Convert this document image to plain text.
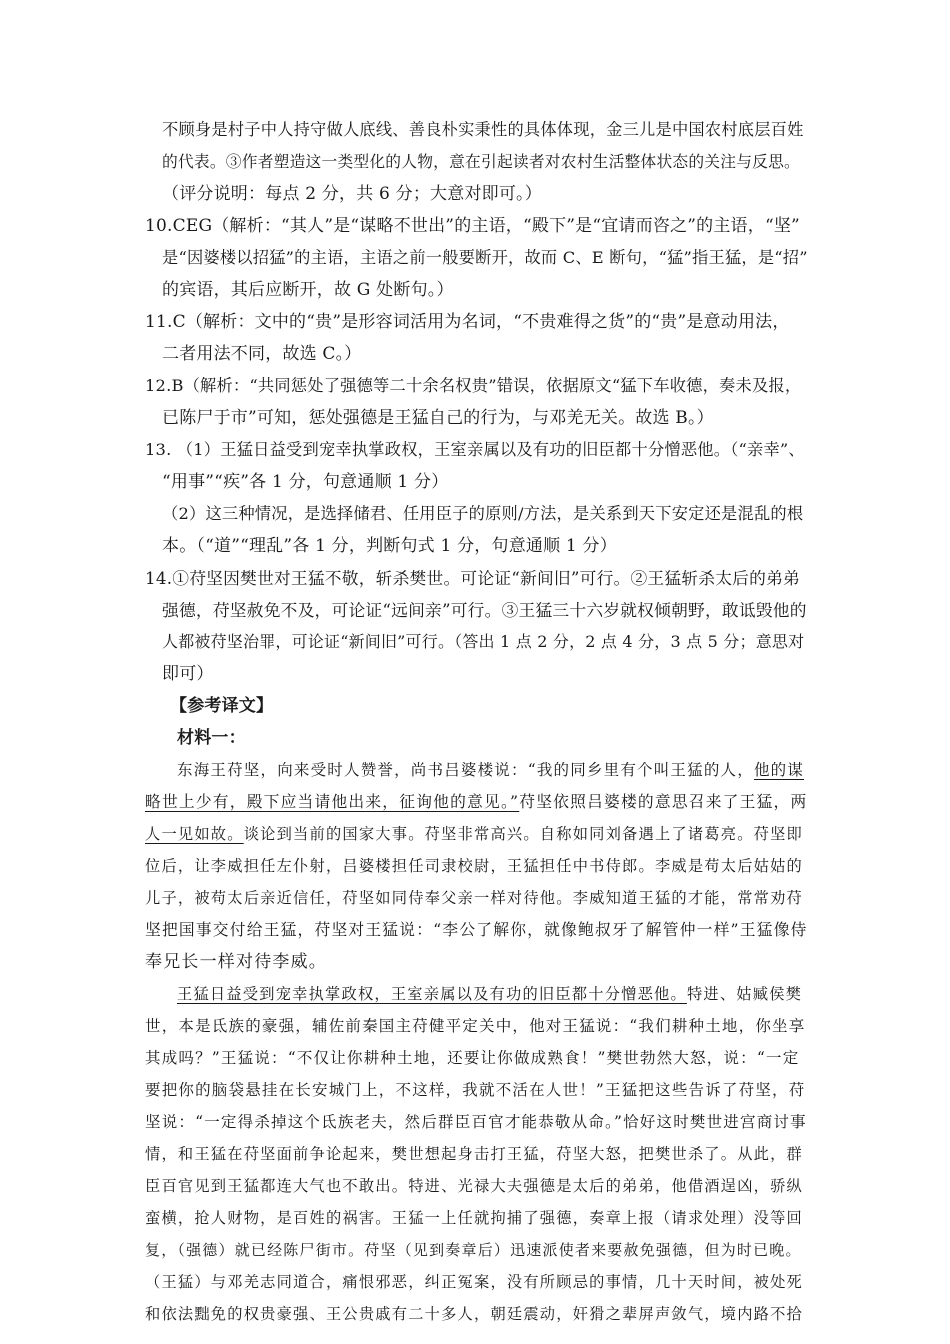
不顾身是村子中人持守做人底线、善良朴实秉性的具体体现，金三儿是中国农村底层百姓
的代表。③作者塑造这一类型化的人物，意在引起读者对农村生活整体状态的关注与反思。
（评分说明：每点 2 分，共 6 分；大意对即可。）
10.CEG（解析：“其人”是“谋略不世出”的主语，“殿下”是“宜请而咨之”的主语，“坚”
是“因婆楼以招猛”的主语，主语之前一般要断开，故而 C、E 断句，“猛”指王猛，是“招”
的宾语，其后应断开，故 G 处断句。）
11.C（解析：文中的“贵”是形容词活用为名词，“不贵难得之货”的“贵”是意动用法，
二者用法不同，故选 C。）
12.B（解析：“共同惩处了强德等二十余名权贵”错误，依据原文“猛下车收德，奏未及报，
已陈尸于市”可知，惩处强德是王猛自己的行为，与邓羌无关。故选 B。）
13. （1）王猛日益受到宠幸执掌政权，王室亲属以及有功的旧臣都十分憎恶他。（“亲幸”、
“用事”“疾”各 1 分，句意通顺 1 分）
（2）这三种情况，是选择储君、任用臣子的原则/方法，是关系到天下安定还是混乱的根
本。（“道”“理乱”各 1 分，判断句式 1 分，句意通顺 1 分）
14.①苻坚因樊世对王猛不敬，斩杀樊世。可论证“新间旧”可行。②王猛斩杀太后的弟弟
强德，苻坚赦免不及，可论证“远间亲”可行。③王猛三十六岁就权倾朝野，敢诋毁他的
人都被苻坚治罪，可论证“新间旧”可行。（答出 1 点 2 分，2 点 4 分，3 点 5 分；意思对
即可）
【参考译文】
材料一：
东海王苻坚，向来受时人赞誉，尚书吕婆楼说：“我的同乡里有个叫王猛的人，他的谋
略世上少有，殿下应当请他出来，征询他的意见。”苻坚依照吕婆楼的意思召来了王猛，两
人一见如故。谈论到当前的国家大事。苻坚非常高兴。自称如同刘备遇上了诸葛亮。苻坚即
位后，让李威担任左仆射，吕婆楼担任司隶校尉，王猛担任中书侍郎。李威是苟太后姑姑的
儿子，被苟太后亲近信任，苻坚如同侍奉父亲一样对待他。李威知道王猛的才能，常常劝苻
坚把国事交付给王猛，苻坚对王猛说：“李公了解你，就像鲍叔牙了解管仲一样”王猛像侍
奉兄长一样对待李威。
王猛日益受到宠幸执掌政权，王室亲属以及有功的旧臣都十分憎恶他。特进、姑臧侯樊
世，本是氐族的豪强，辅佐前秦国主苻健平定关中，他对王猛说：“我们耕种土地，你坐享
其成吗？”王猛说：“不仅让你耕种土地，还要让你做成熟食！”樊世勃然大怒，说：“一定
要把你的脑袋悬挂在长安城门上，不这样，我就不活在人世！”王猛把这些告诉了苻坚，苻
坚说：“一定得杀掉这个氐族老夫，然后群臣百官才能恭敬从命。”恰好这时樊世进宫商讨事
情，和王猛在苻坚面前争论起来，樊世想起身击打王猛，苻坚大怒，把樊世杀了。从此，群
臣百官见到王猛都连大气也不敢出。特进、光禄大夫强德是太后的弟弟，他借酒逞凶，骄纵
蛮横，抢人财物，是百姓的祸害。王猛一上任就拘捕了强德，奏章上报（请求处理）没等回
复，（强德）就已经陈尸街市。苻坚（见到奏章后）迅速派使者来要赦免强德，但为时已晚。
（王猛）与邓羌志同道合，痛恨邪恶，纠正冤案，没有所顾忌的事情，几十天时间，被处死
和依法黜免的权贵豪强、王公贵戚有二十多人，朝廷震动，奸猾之辈屏声敛气，境内路不拾
